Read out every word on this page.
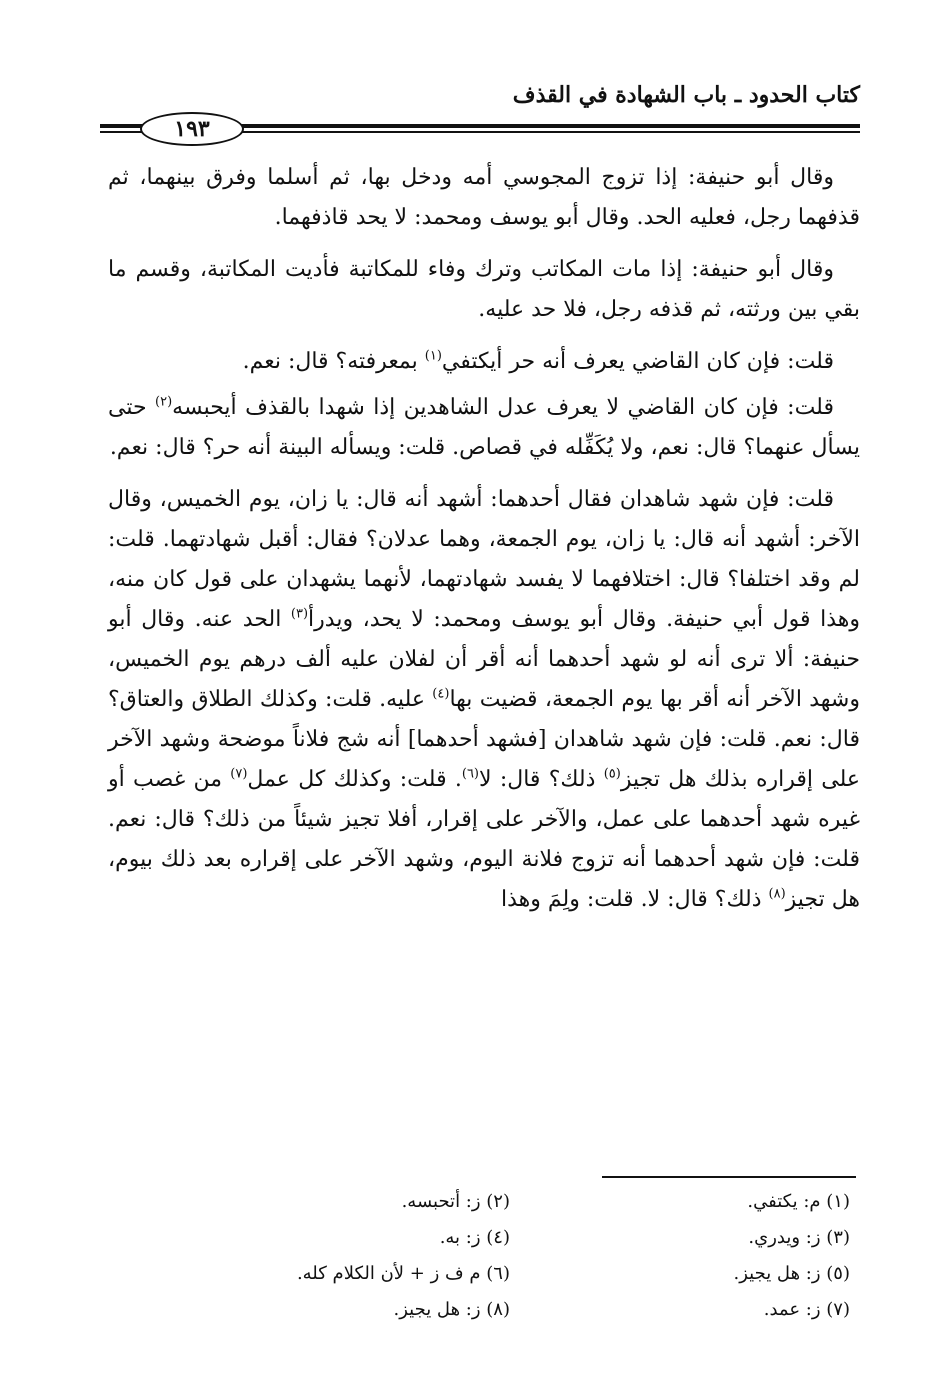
كتاب الحدود ـ باب الشهادة في القذف
١٩٣

وقال أبو حنيفة: إذا تزوج المجوسي أمه ودخل بها، ثم أسلما وفرق بينهما، ثم قذفهما رجل، فعليه الحد. وقال أبو يوسف ومحمد: لا يحد قاذفهما.

وقال أبو حنيفة: إذا مات المكاتب وترك وفاء للمكاتبة فأديت المكاتبة، وقسم ما بقي بين ورثته، ثم قذفه رجل، فلا حد عليه.

قلت: فإن كان القاضي يعرف أنه حر أيكتفي$^{(١)}$ بمعرفته؟ قال: نعم.

قلت: فإن كان القاضي لا يعرف عدل الشاهدين إذا شهدا بالقذف أيحبسه$^{(٢)}$ حتى يسأل عنهما؟ قال: نعم، ولا يُكَفِّله في قصاص. قلت: ويسأله البينة أنه حر؟ قال: نعم.

قلت: فإن شهد شاهدان فقال أحدهما: أشهد أنه قال: يا زان، يوم الخميس، وقال الآخر: أشهد أنه قال: يا زان، يوم الجمعة، وهما عدلان؟ فقال: أقبل شهادتهما. قلت: لم وقد اختلفا؟ قال: اختلافهما لا يفسد شهادتهما، لأنهما يشهدان على قول كان منه، وهذا قول أبي حنيفة. وقال أبو يوسف ومحمد: لا يحد، ويدرأ$^{(٣)}$ الحد عنه. وقال أبو حنيفة: ألا ترى أنه لو شهد أحدهما أنه أقر أن لفلان عليه ألف درهم يوم الخميس، وشهد الآخر أنه أقر بها يوم الجمعة، قضيت بها$^{(٤)}$ عليه. قلت: وكذلك الطلاق والعتاق؟ قال: نعم. قلت: فإن شهد شاهدان [فشهد أحدهما] أنه شج فلاناً موضحة وشهد الآخر على إقراره بذلك هل تجيز$^{(٥)}$ ذلك؟ قال: لا$^{(٦)}$. قلت: وكذلك كل عمل$^{(٧)}$ من غصب أو غيره شهد أحدهما على عمل، والآخر على إقرار، أفلا تجيز شيئاً من ذلك؟ قال: نعم. قلت: فإن شهد أحدهما أنه تزوج فلانة اليوم، وشهد الآخر على إقراره بعد ذلك بيوم، هل تجيز$^{(٨)}$ ذلك؟ قال: لا. قلت: ولِمَ وهذا

(١) م: يكتفي.
(٢) ز: أتحبسه.
(٣) ز: ويدري.
(٤) ز: به.
(٥) ز: هل يجيز.
(٦) م ف ز + لأن الكلام كله.
(٧) ز: عمد.
(٨) ز: هل يجيز.
